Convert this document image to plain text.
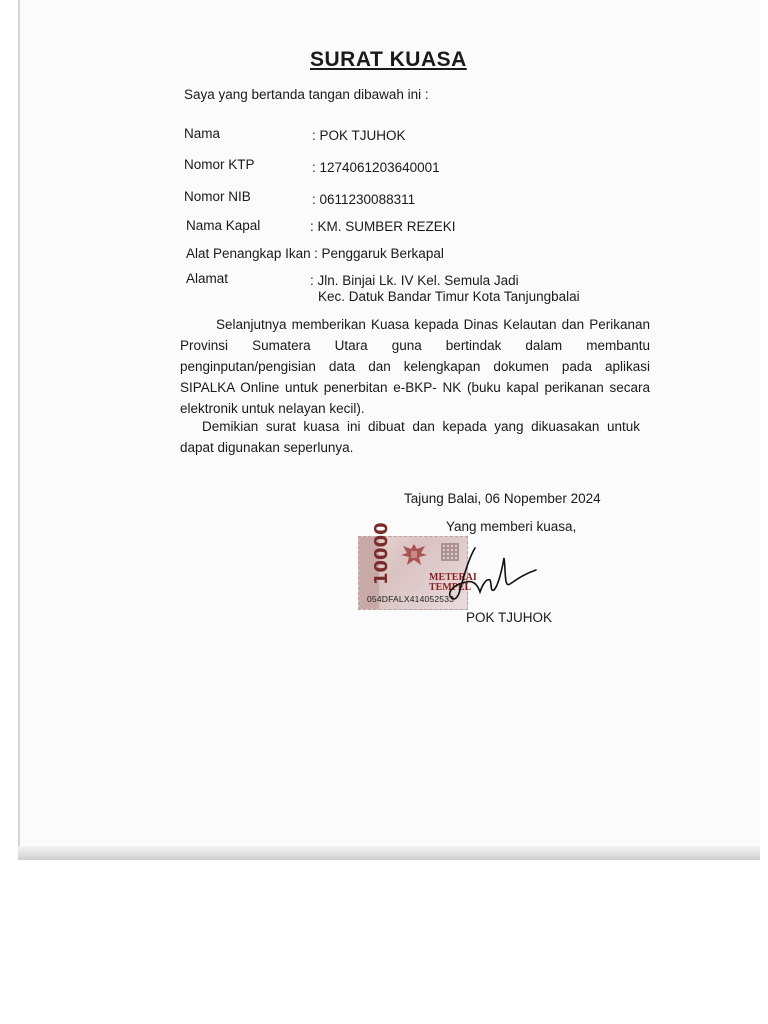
SURAT KUASA
Saya yang bertanda tangan dibawah ini :
Nama	: POK TJUHOK
Nomor KTP	: 1274061203640001
Nomor NIB	: 0611230088311
Nama Kapal	: KM. SUMBER REZEKI
Alat Penangkap Ikan : Penggaruk Berkapal
Alamat	: Jln. Binjai Lk. IV Kel. Semula Jadi
Kec. Datuk Bandar Timur Kota Tanjungbalai
Selanjutnya memberikan Kuasa kepada Dinas Kelautan dan Perikanan Provinsi Sumatera Utara guna bertindak dalam membantu penginputan/pengisian data dan kelengkapan dokumen pada aplikasi SIPALKA Online untuk penerbitan e-BKP- NK (buku kapal perikanan secara elektronik untuk nelayan kecil).
Demikian surat kuasa ini dibuat dan kepada yang dikuasakan untuk dapat digunakan seperlunya.
Tajung Balai, 06 Nopember 2024
Yang memberi kuasa,
10000	METERAI
TEMPEL
054DFALX414052533
POK TJUHOK
